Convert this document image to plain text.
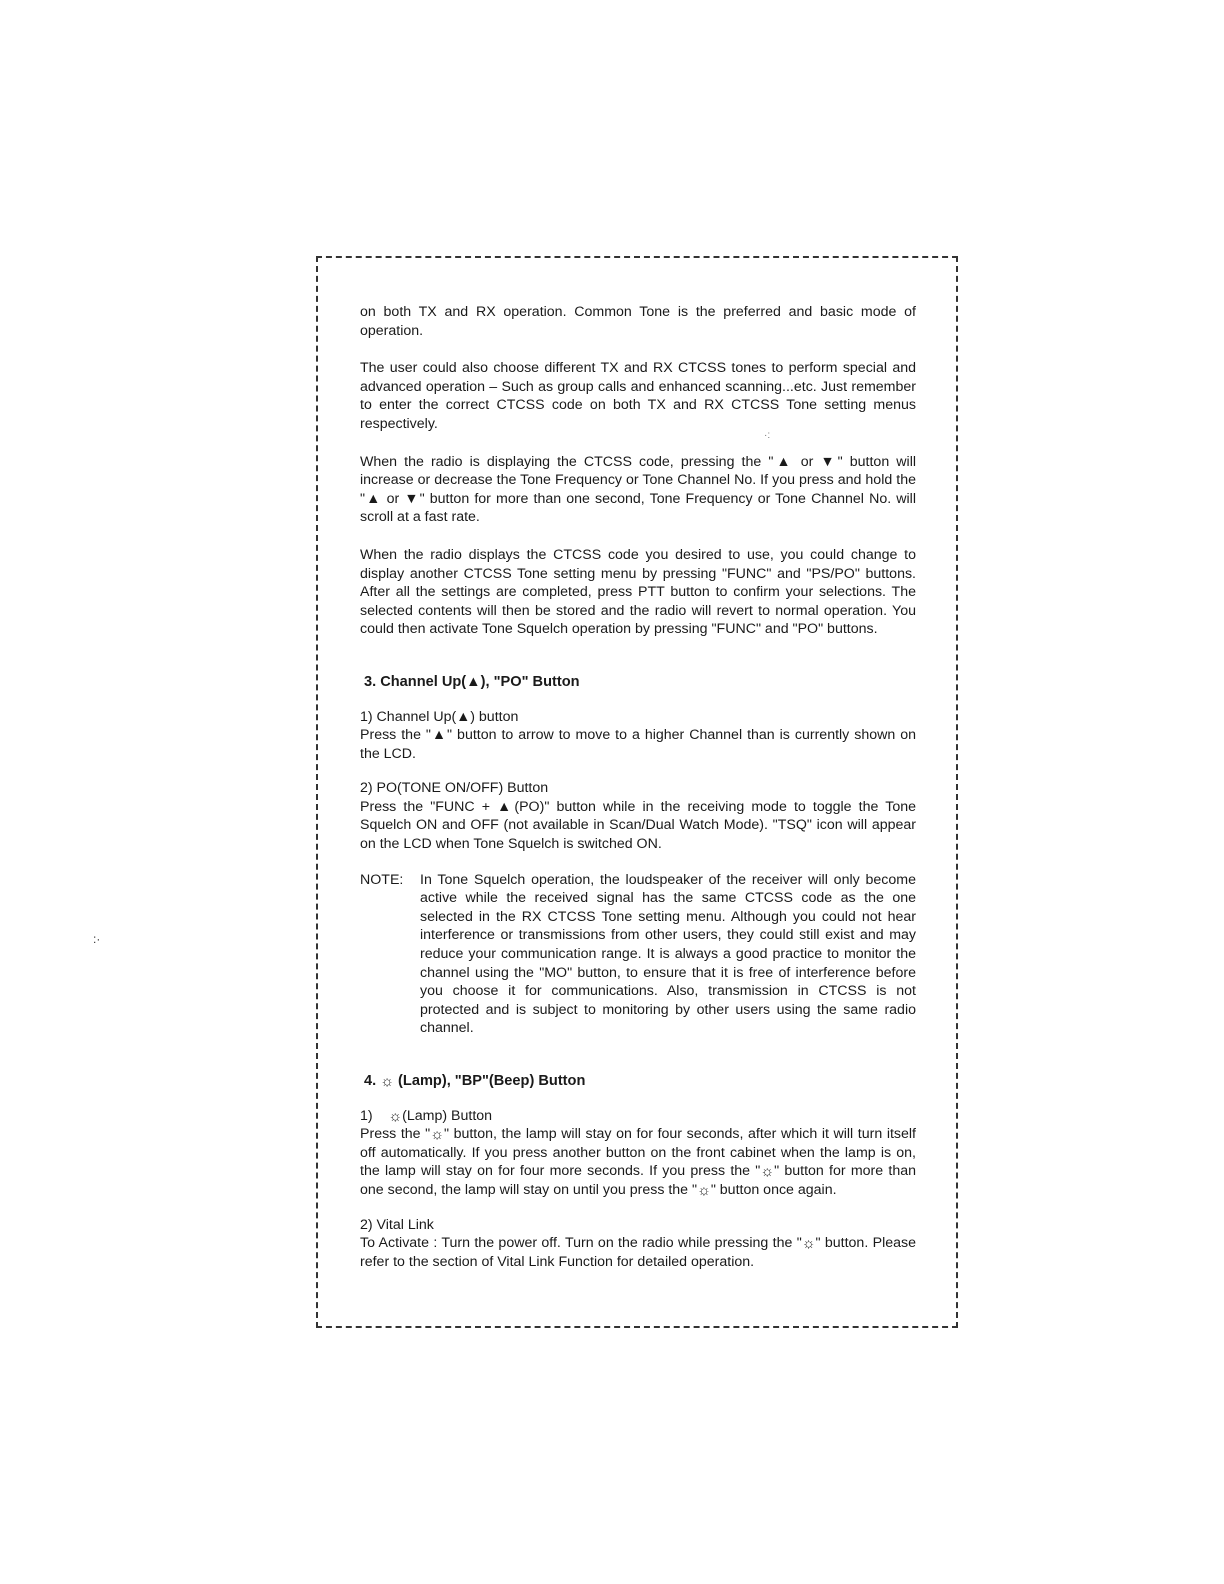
:·
·:

on both TX and RX operation. Common Tone is the preferred and basic mode of operation.

The user could also choose different TX and RX CTCSS tones to perform special and advanced operation – Such as group calls and enhanced scanning...etc. Just remember to enter the correct CTCSS code on both TX and RX CTCSS Tone setting menus respectively.

When the radio is displaying the CTCSS code, pressing the "▲ or ▼" button will increase or decrease the Tone Frequency or Tone Channel No. If you press and hold the "▲ or ▼" button for more than one second, Tone Frequency or Tone Channel No. will scroll at a fast rate.

When the radio displays the CTCSS code you desired to use, you could change to display another CTCSS Tone setting menu by pressing "FUNC" and "PS/PO" buttons. After all the settings are completed, press PTT button to confirm your selections. The selected contents will then be stored and the radio will revert to normal operation. You could then activate Tone Squelch operation by pressing "FUNC" and "PO" buttons.

3. Channel Up(▲), "PO" Button

1) Channel Up(▲) button

Press the "▲" button to arrow to move to a higher Channel than is currently shown on the LCD.

2) PO(TONE ON/OFF) Button

Press the "FUNC + ▲(PO)" button while in the receiving mode to toggle the Tone Squelch ON and OFF (not available in Scan/Dual Watch Mode). "TSQ" icon will appear on the LCD when Tone Squelch is switched ON.

NOTE:	In Tone Squelch operation, the loudspeaker of the receiver will only become active while the received signal has the same CTCSS code as the one selected in the RX CTCSS Tone setting menu. Although you could not hear interference or transmissions from other users, they could still exist and may reduce your communication range. It is always a good practice to monitor the channel using the "MO" button, to ensure that it is free of interference before you choose it for communications. Also, transmission in CTCSS is not protected and is subject to monitoring by other users using the same radio channel.

4. ☼ (Lamp), "BP"(Beep) Button

1) ☼(Lamp) Button

Press the "☼" button, the lamp will stay on for four seconds, after which it will turn itself off automatically. If you press another button on the front cabinet when the lamp is on, the lamp will stay on for four more seconds. If you press the "☼" button for more than one second, the lamp will stay on until you press the "☼" button once again.

2) Vital Link

To Activate : Turn the power off. Turn on the radio while pressing the "☼" button. Please refer to the section of Vital Link Function for detailed operation.
